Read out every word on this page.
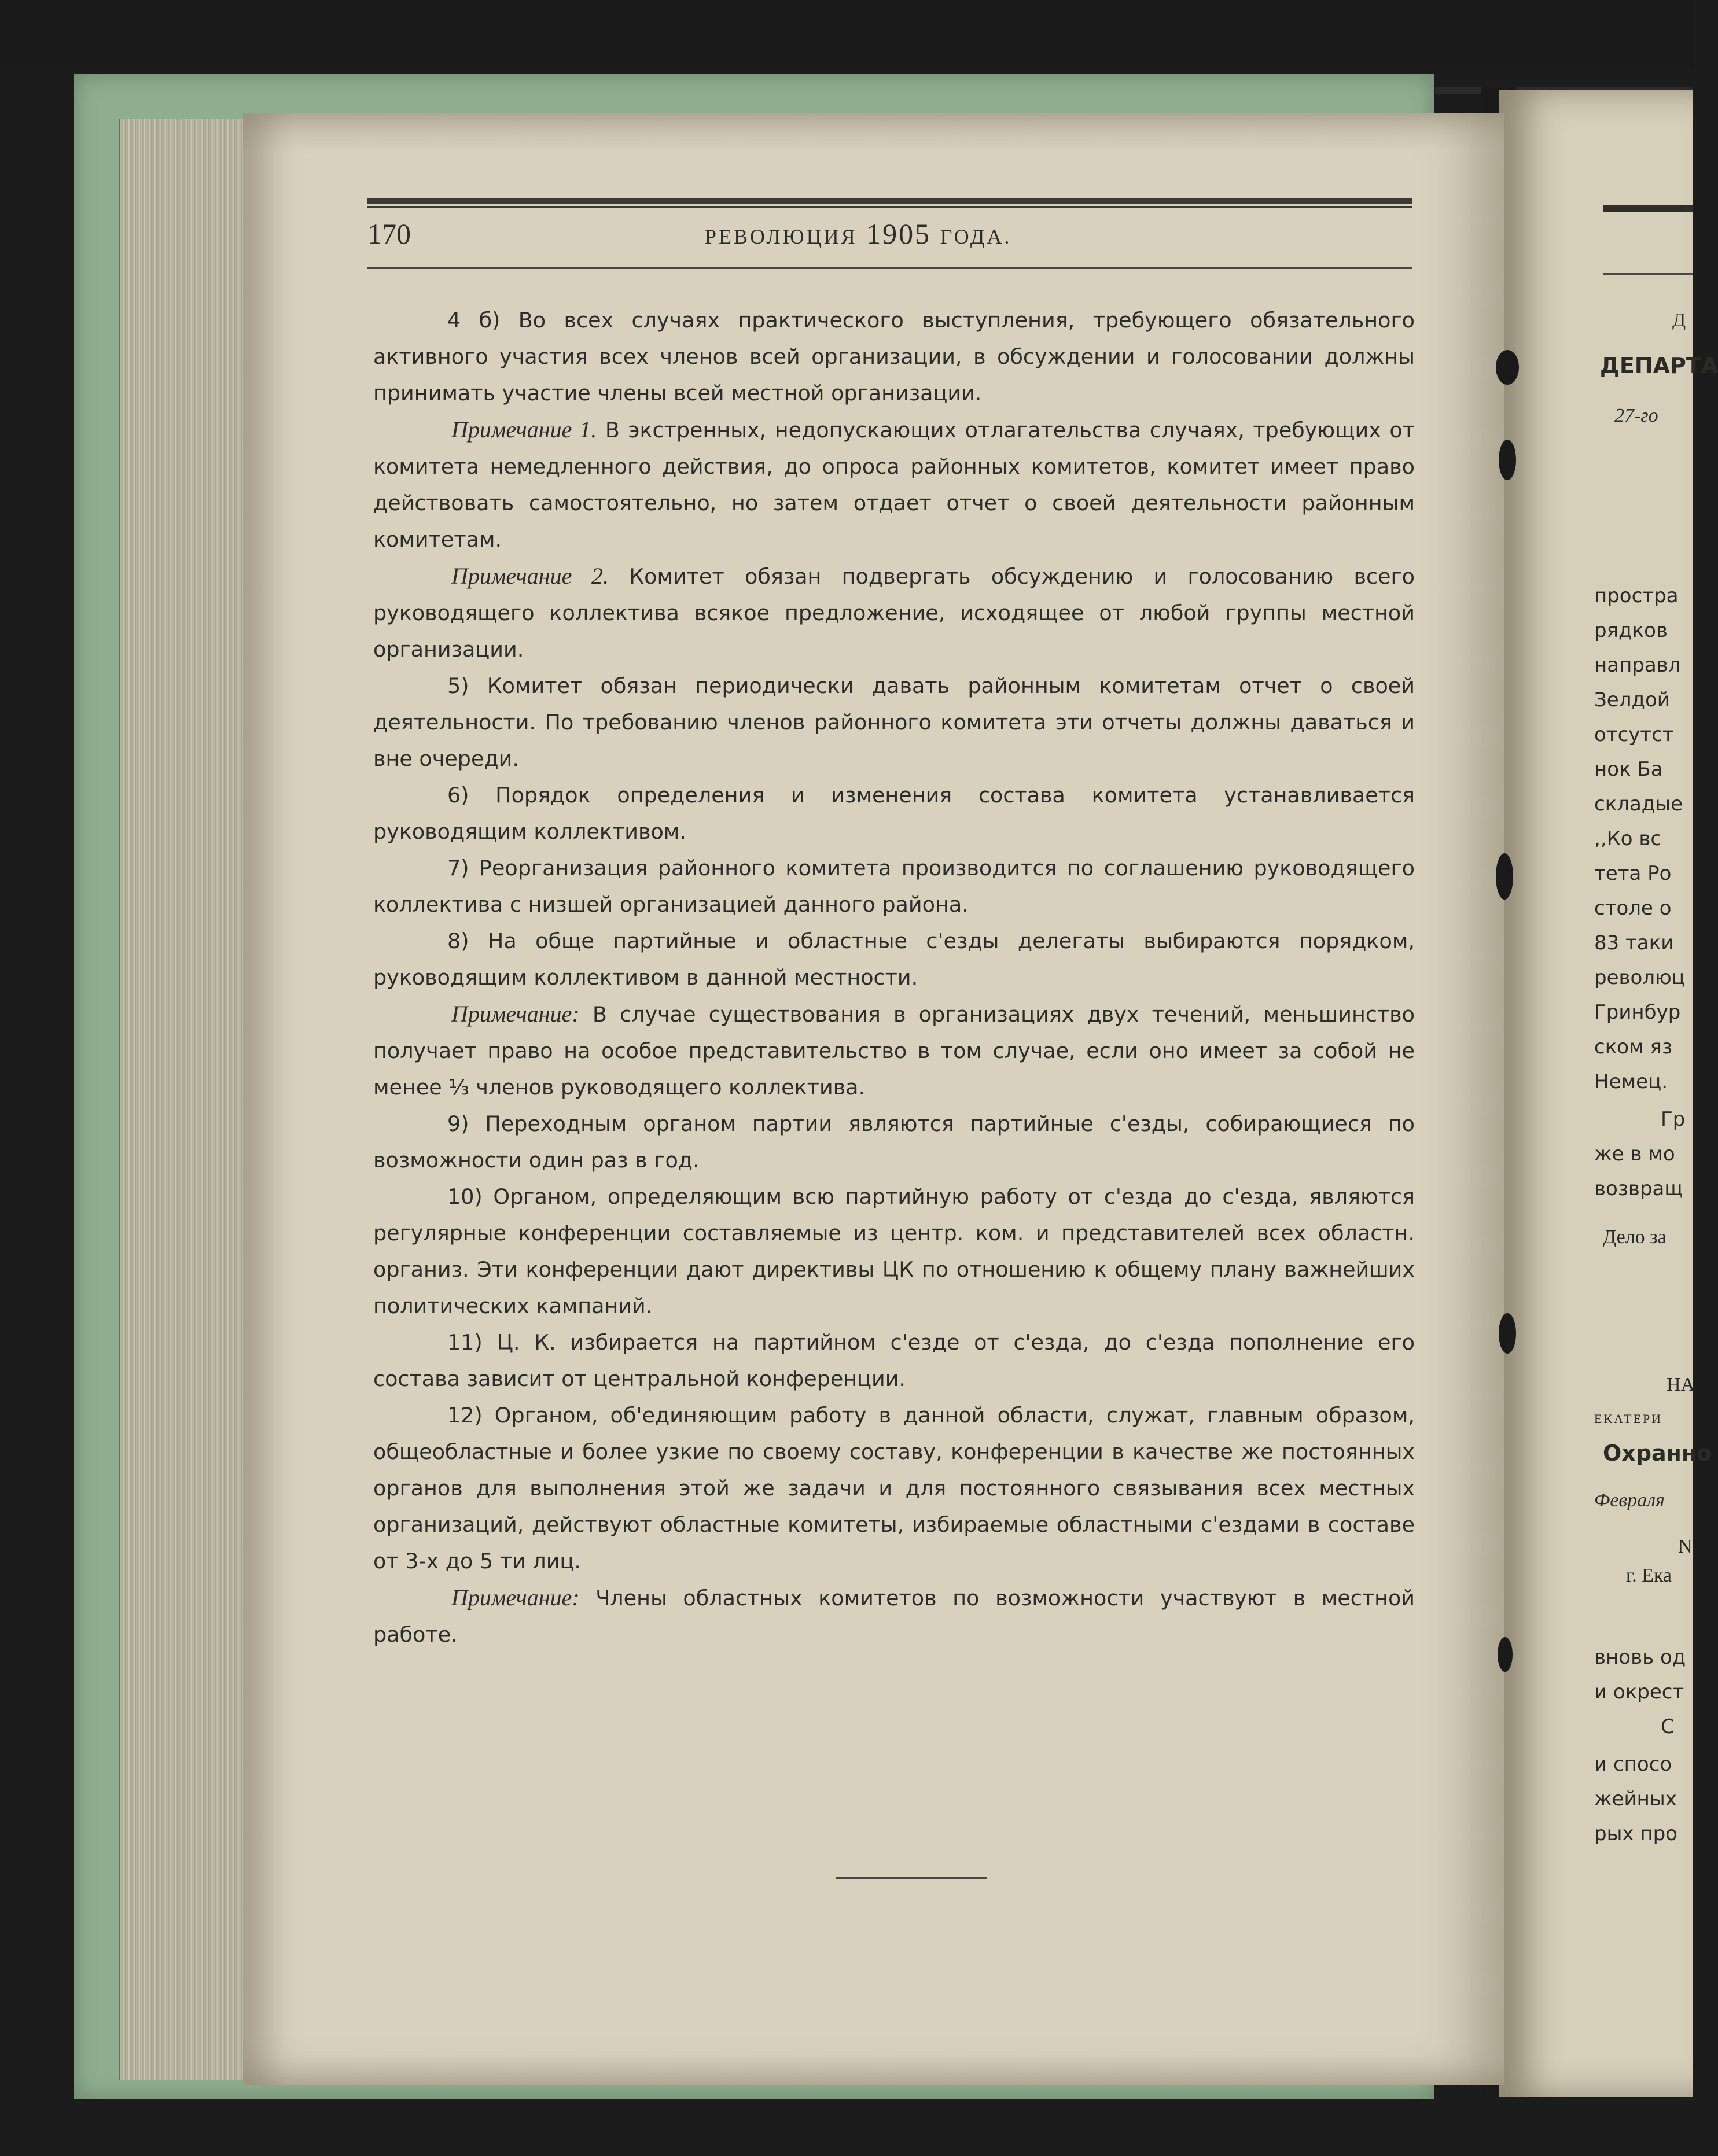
170	РЕВОЛЮЦИЯ 1905 ГОДА.

4 б) Во всех случаях практического выступления, требующего обязательного активного участия всех членов всей организации, в обсуждении и голосовании должны принимать участие члены всей местной организации.

Примечание 1. В экстренных, недопускающих отлагательства случаях, требующих от комитета немедленного действия, до опроса районных комитетов, комитет имеет право действовать самостоятельно, но затем отдает отчет о своей деятельности районным комитетам.

Примечание 2. Комитет обязан подвергать обсуждению и голосованию всего руководящего коллектива всякое предложение, исходящее от любой группы местной организации.

5) Комитет обязан периодически давать районным комитетам отчет о своей деятельности. По требованию членов районного комитета эти отчеты должны даваться и вне очереди.

6) Порядок определения и изменения состава комитета устанавливается руководящим коллективом.

7) Реорганизация районного комитета производится по соглашению руководящего коллектива с низшей организацией данного района.

8) На обще партийные и областные с'езды делегаты выбираются порядком, руководящим коллективом в данной местности.

Примечание: В случае существования в организациях двух течений, меньшинство получает право на особое представительство в том случае, если оно имеет за собой не менее ⅓ членов руководящего коллектива.

9) Переходным органом партии являются партийные с'езды, собирающиеся по возможности один раз в год.

10) Органом, определяющим всю партийную работу от с'езда до с'езда, являются регулярные конференции составляемые из центр. ком. и представителей всех областн. организ. Эти конференции дают директивы ЦК по отношению к общему плану важнейших политических кампаний.

11) Ц. К. избирается на партийном с'езде от с'езда, до с'езда пополнение его состава зависит от центральной конференции.

12) Органом, об'единяющим работу в данной области, служат, главным образом, общеобластные и более узкие по своему составу, конференции в качестве же постоянных органов для выполнения этой же задачи и для постоянного связывания всех местных организаций, действуют областные комитеты, избираемые областными с'ездами в составе от 3-х до 5 ти лиц.

Примечание: Члены областных комитетов по возможности участвуют в местной работе.

Д
ДЕПАРТА
27-го
простра
рядков
направл
Зелдой
отсутст
нок Ба
складые
,,Ко вс
тета Ро
столе о
83 таки
революц
Гринбур
ском яз
Немец.
Гр
же в мо
возвращ
Дело за
НА
ЕКАТЕРИ
Охранно
Февраля
N
г. Ека
вновь од
и окрест
С
и спосо
жейных
рых про
